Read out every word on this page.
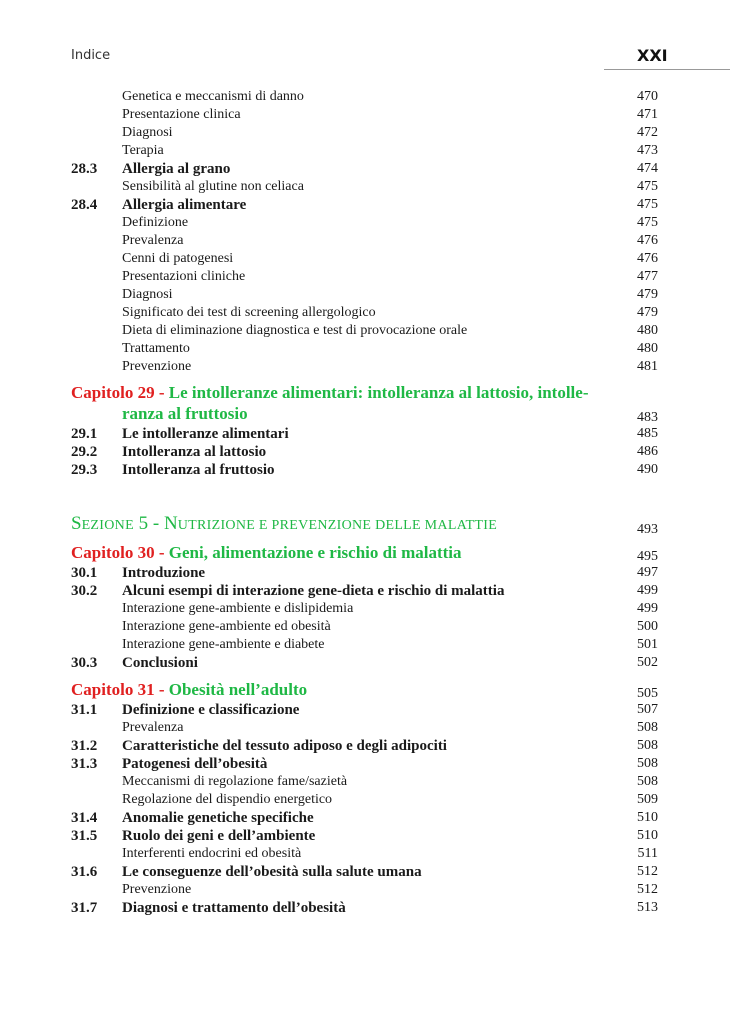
Indice	XXI
Genetica e meccanismi di danno	470
Presentazione clinica	471
Diagnosi	472
Terapia	473
28.3 Allergia al grano	474
Sensibilità al glutine non celiaca	475
28.4 Allergia alimentare	475
Definizione	475
Prevalenza	476
Cenni di patogenesi	476
Presentazioni cliniche	477
Diagnosi	479
Significato dei test di screening allergologico	479
Dieta di eliminazione diagnostica e test di provocazione orale	480
Trattamento	480
Prevenzione	481
Capitolo 29 - Le intolleranze alimentari: intolleranza al lattosio, intolle-
ranza al fruttosio	483
29.1 Le intolleranze alimentari	485
29.2 Intolleranza al lattosio	486
29.3 Intolleranza al fruttosio	490
SEZIONE 5 - NUTRIZIONE E PREVENZIONE DELLE MALATTIE	493
Capitolo 30 - Geni, alimentazione e rischio di malattia	495
30.1 Introduzione	497
30.2 Alcuni esempi di interazione gene-dieta e rischio di malattia	499
Interazione gene-ambiente e dislipidemia	499
Interazione gene-ambiente ed obesità	500
Interazione gene-ambiente e diabete	501
30.3 Conclusioni	502
Capitolo 31 - Obesità nell’adulto	505
31.1 Definizione e classificazione	507
Prevalenza	508
31.2 Caratteristiche del tessuto adiposo e degli adipociti	508
31.3 Patogenesi dell’obesità	508
Meccanismi di regolazione fame/sazietà	508
Regolazione del dispendio energetico	509
31.4 Anomalie genetiche specifiche	510
31.5 Ruolo dei geni e dell’ambiente	510
Interferenti endocrini ed obesità	511
31.6 Le conseguenze dell’obesità sulla salute umana	512
Prevenzione	512
31.7 Diagnosi e trattamento dell’obesità	513
